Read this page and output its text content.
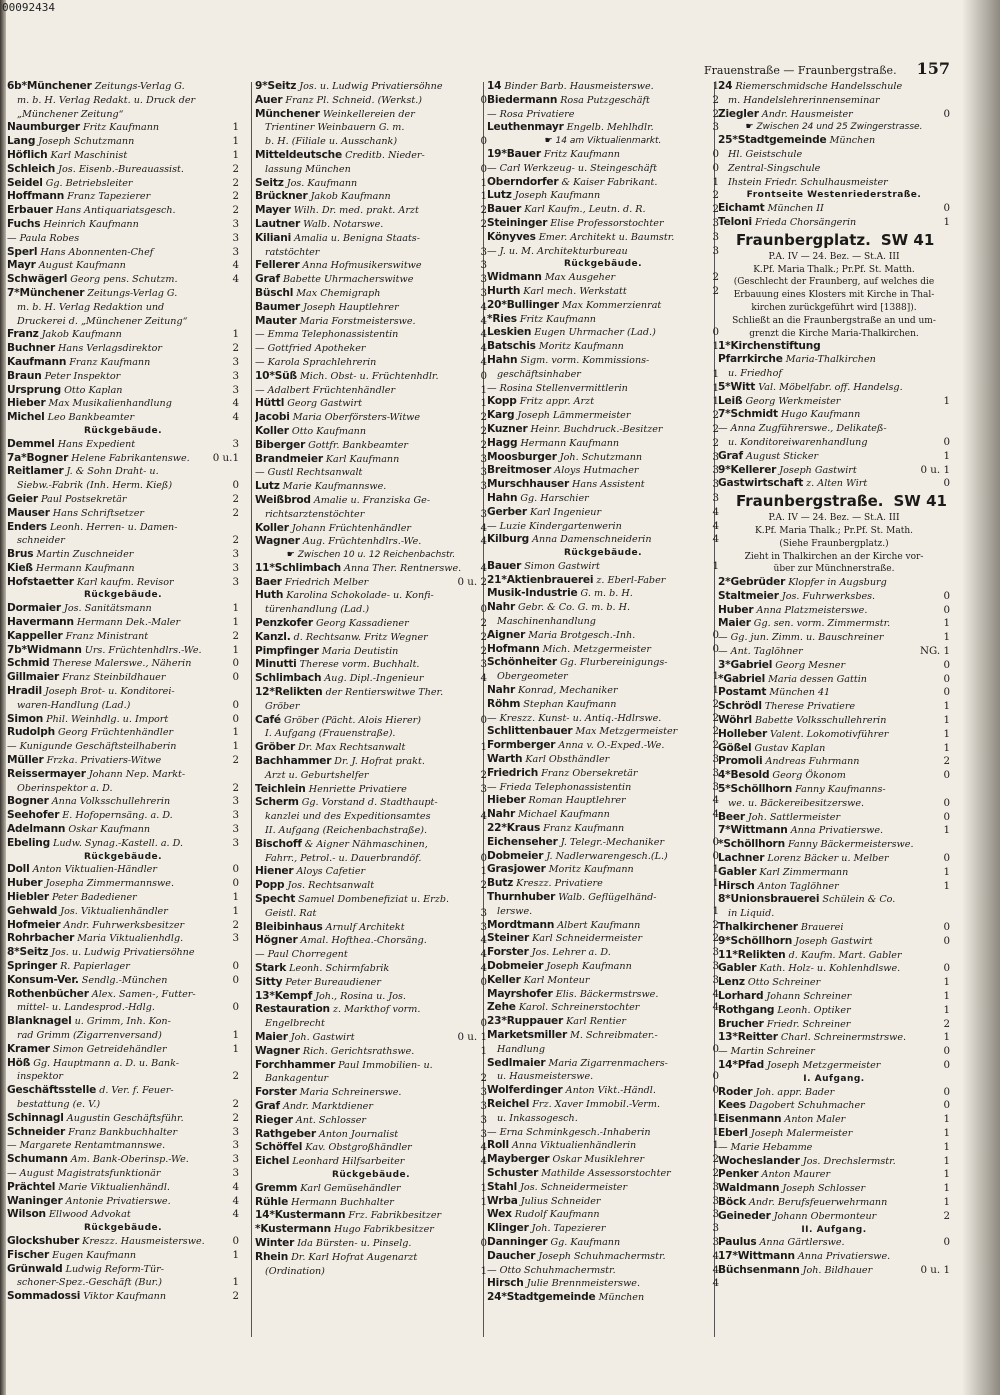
00092434
Frauenstraße — Fraunbergstraße. 157
6b*Münchener Zeitungs-Verlag G.
m. b. H. Verlag Redakt. u. Druck der
„Münchener Zeitung“
1
Naumburger Fritz Kaufmann
1
Lang Joseph Schutzmann
1
Höflich Karl Maschinist
2
Schleich Jos. Eisenb.-Bureauassist.
2
Seidel Gg. Betriebsleiter
2
Hoffmann Franz Tapezierer
2
Erbauer Hans Antiquariatsgesch.
3
Fuchs Heinrich Kaufmann
3
— Paula Robes
3
Sperl Hans Abonnenten-Chef
4
Mayr August Kaufmann
4
Schwägerl Georg pens. Schutzm.
7*Münchener Zeitungs-Verlag G.
m. b. H. Verlag Redaktion und
Druckerei d. „Münchener Zeitung“
1
Franz Jakob Kaufmann
2
Buchner Hans Verlagsdirektor
3
Kaufmann Franz Kaufmann
3
Braun Peter Inspektor
3
Ursprung Otto Kaplan
4
Hieber Max Musikalienhandlung
4
Michel Leo Bankbeamter
Rückgebäude.
3
Demmel Hans Expedient
0 u.1
7a*Bogner Helene Fabrikantenswe.
Reitlamer J. & Sohn Draht- u.
0
Siebw.-Fabrik (Inh. Herm. Kieß)
2
Geier Paul Postsekretär
2
Mauser Hans Schriftsetzer
Enders Leonh. Herren- u. Damen-
2
schneider
3
Brus Martin Zuschneider
3
Kieß Hermann Kaufmann
3
Hofstaetter Karl kaufm. Revisor
Rückgebäude.
1
Dormaier Jos. Sanitätsmann
1
Havermann Hermann Dek.-Maler
2
Kappeller Franz Ministrant
1
7b*Widmann Urs. Früchtenhdlrs.-We.
0
Schmid Therese Malerswe., Näherin
0
Gillmaier Franz Steinbildhauer
Hradil Joseph Brot- u. Konditorei-
0
waren-Handlung (Lad.)
0
Simon Phil. Weinhdlg. u. Import
1
Rudolph Georg Früchtenhändler
1
— Kunigunde Geschäftsteilhaberin
2
Müller Frzka. Privatiers-Witwe
Reissermayer Johann Nep. Markt-
2
Oberinspektor a. D.
3
Bogner Anna Volksschullehrerin
3
Seehofer E. Hofopernsäng. a. D.
3
Adelmann Oskar Kaufmann
3
Ebeling Ludw. Synag.-Kastell. a. D.
Rückgebäude.
0
Doll Anton Viktualien-Händler
0
Huber Josepha Zimmermannswe.
1
Hiebler Peter Badediener
1
Gehwald Jos. Viktualienhändler
2
Hofmeier Andr. Fuhrwerksbesitzer
3
Rohrbacher Maria Viktualienhdlg.
8*Seitz Jos. u. Ludwig Privatiersöhne
0
Springer R. Papierlager
0
Konsum-Ver. Sendlg.-München
Rothenbücher Alex. Samen-, Futter-
0
mittel- u. Landesprod.-Hdlg.
Blanknagel u. Grimm, Inh. Kon-
1
rad Grimm (Zigarrenversand)
1
Kramer Simon Getreidehändler
Höß Gg. Hauptmann a. D. u. Bank-
2
inspektor
Geschäftsstelle d. Ver. f. Feuer-
2
bestattung (e. V.)
2
Schinnagl Augustin Geschäftsführ.
3
Schneider Franz Bankbuchhalter
3
— Margarete Rentamtmannswe.
3
Schumann Am. Bank-Oberinsp.-We.
3
— August Magistratsfunktionär
4
Prächtel Marie Viktualienhändl.
4
Waninger Antonie Privatierswe.
4
Wilson Ellwood Advokat
Rückgebäude.
0
Glockshuber Kreszz. Hausmeisterswe.
1
Fischer Eugen Kaufmann
Grünwald Ludwig Reform-Tür-
1
schoner-Spez.-Geschäft (Bur.)
2
Sommadossi Viktor Kaufmann
9*Seitz Jos. u. Ludwig Privatiersöhne
0
Auer Franz Pl. Schneid. (Werkst.)
Münchener Weinkellereien der
Trientiner Weinbauern G. m.
0
b. H. (Filiale u. Ausschank)
Mitteldeutsche Creditb. Nieder-
0
lassung München
1
Seitz Jos. Kaufmann
1
Brückner Jakob Kaufmann
2
Mayer Wilh. Dr. med. prakt. Arzt
2
Lautner Walb. Notarswe.
Kiliani Amalia u. Benigna Staats-
3
ratstöchter
3
Fellerer Anna Hofmusikerswitwe
3
Graf Babette Uhrmacherswitwe
3
Büschl Max Chemigraph
4
Baumer Joseph Hauptlehrer
4
Mauter Maria Forstmeisterswe.
4
— Emma Telephonassistentin
4
— Gottfried Apotheker
4
— Karola Sprachlehrerin
0
10*Süß Mich. Obst- u. Früchtenhdlr.
1
— Adalbert Früchtenhändler
1
Hüttl Georg Gastwirt
2
Jacobi Maria Oberförsters-Witwe
2
Koller Otto Kaufmann
2
Biberger Gottfr. Bankbeamter
3
Brandmeier Karl Kaufmann
3
— Gustl Rechtsanwalt
3
Lutz Marie Kaufmannswe.
Weißbrod Amalie u. Franziska Ge-
3
richtsarztenstöchter
4
Koller Johann Früchtenhändler
4
Wagner Aug. Früchtenhdlrs.-We.
☛ Zwischen 10 u. 12 Reichenbachstr.
4
11*Schlimbach Anna Ther. Rentnerswe.
0 u. 2
Baer Friedrich Melber
Huth Karolina Schokolade- u. Konfi-
0
türenhandlung (Lad.)
2
Penzkofer Georg Kassadiener
2
Kanzl. d. Rechtsanw. Fritz Wegner
2
Pimpfinger Maria Deutistin
3
Minutti Therese vorm. Buchhalt.
4
Schlimbach Aug. Dipl.-Ingenieur
12*Relikten der Rentierswitwe Ther.
Gröber
0
Café Gröber (Pächt. Alois Hierer)
I. Aufgang (Frauenstraße).
1
Gröber Dr. Max Rechtsanwalt
Bachhammer Dr. J. Hofrat prakt.
2
Arzt u. Geburtshelfer
3
Teichlein Henriette Privatiere
Scherm Gg. Vorstand d. Stadthaupt-
4
kanzlei und des Expeditionsamtes
II. Aufgang (Reichenbachstraße).
Bischoff & Aigner Nähmaschinen,
0
Fahrr., Petrol.- u. Dauerbrandöf.
1
Hiener Aloys Cafetier
2
Popp Jos. Rechtsanwalt
Specht Samuel Dombenefiziat u. Erzb.
3
Geistl. Rat
3
Bleibinhaus Arnulf Architekt
4
Högner Amal. Hofthea.-Chorsäng.
4
— Paul Chorregent
4
Stark Leonh. Schirmfabrik
0
Sitty Peter Bureaudiener
13*Kempf Joh., Rosina u. Jos.
Restauration z. Markthof vorm.
0
Engelbrecht
0 u. 1
Maier Joh. Gastwirt
1
Wagner Rich. Gerichtsrathswe.
Forchhammer Paul Immobilien- u.
2
Bankagentur
3
Forster Maria Schreinerswe.
3
Graf Andr. Marktdiener
3
Rieger Ant. Schlosser
3
Rathgeber Anton Journalist
4
Schöffel Kav. Obstgroßhändler
4
Eichel Leonhard Hilfsarbeiter
Rückgebäude.
1
Gremm Karl Gemüsehändler
1
Rühle Hermann Buchhalter
14*Kustermann Frz. Fabrikbesitzer
*Kustermann Hugo Fabrikbesitzer
0
Winter Ida Bürsten- u. Pinselg.
Rhein Dr. Karl Hofrat Augenarzt
1
(Ordination)
1
14 Binder Barb. Hausmeisterswe.
2
Biedermann Rosa Putzgeschäft
2
— Rosa Privatiere
3
Leuthenmayr Engelb. Mehlhdlr.
☛ 14 am Viktualienmarkt.
0
19*Bauer Fritz Kaufmann
0
— Carl Werkzeug- u. Steingeschäft
1
Oberndorfer & Kaiser Fabrikant.
2
Lutz Joseph Kaufmann
2
Bauer Karl Kaufm., Leutn. d. R.
3
Steininger Elise Professorstochter
3
Könyves Emer. Architekt u. Baumstr.
3
— J. u. M. Architekturbureau
Rückgebäude.
2
Widmann Max Ausgeher
2
Hurth Karl mech. Werkstatt
20*Bullinger Max Kommerzienrat
*Ries Fritz Kaufmann
0
Leskien Eugen Uhrmacher (Lad.)
1
Batschis Moritz Kaufmann
Hahn Sigm. vorm. Kommissions-
1
geschäftsinhaber
1
— Rosina Stellenvermittlerin
1
Kopp Fritz appr. Arzt
2
Karg Joseph Lämmermeister
2
Kuzner Heinr. Buchdruck.-Besitzer
2
Hagg Hermann Kaufmann
3
Moosburger Joh. Schutzmann
3
Breitmoser Aloys Hutmacher
3
Murschhauser Hans Assistent
3
Hahn Gg. Harschier
4
Gerber Karl Ingenieur
4
— Luzie Kindergartenwerin
4
Kilburg Anna Damenschneiderin
Rückgebäude.
1
Bauer Simon Gastwirt
21*Aktienbrauerei z. Eberl-Faber
Musik-Industrie G. m. b. H.
Nahr Gebr. & Co. G. m. b. H.
Maschinenhandlung
0
Aigner Maria Brotgesch.-Inh.
0
Hofmann Mich. Metzgermeister
Schönheiter Gg. Flurbereinigungs-
1
Obergeometer
1
Nahr Konrad, Mechaniker
2
Röhm Stephan Kaufmann
2
— Kreszz. Kunst- u. Antiq.-Hdlrswe.
2
Schlittenbauer Max Metzgermeister
2
Formberger Anna v. O.-Exped.-We.
3
Warth Karl Obsthändler
3
Friedrich Franz Obersekretär
3
— Frieda Telephonassistentin
4
Hieber Roman Hauptlehrer
4
Nahr Michael Kaufmann
22*Kraus Franz Kaufmann
0
Eichenseher J. Telegr.-Mechaniker
0
Dobmeier J. Nadlerwarengesch.(L.)
1
Grasjower Moritz Kaufmann
1
Butz Kreszz. Privatiere
Thurnhuber Walb. Geflügelhänd-
1
lerswe.
2
Mordtmann Albert Kaufmann
2
Steiner Karl Schneidermeister
3
Forster Jos. Lehrer a. D.
3
Dobmeier Joseph Kaufmann
3
Keller Karl Monteur
4
Mayrshofer Elis. Bäckermstrswe.
4
Zehe Karol. Schreinerstochter
23*Ruppauer Karl Rentier
Marketsmiller M. Schreibmater.-
0
Handlung
Sedlmaier Maria Zigarrenmachers-
0
u. Hausmeisterswe.
0
Wolferdinger Anton Vikt.-Händl.
Reichel Frz. Xaver Immobil.-Verm.
1
u. Inkassogesch.
1
— Erna Schminkgesch.-Inhaberin
1
Roll Anna Viktualienhändlerin
2
Mayberger Oskar Musiklehrer
2
Schuster Mathilde Assessorstochter
3
Stahl Jos. Schneidermeister
3
Wrba Julius Schneider
3
Wex Rudolf Kaufmann
3
Klinger Joh. Tapezierer
3
Danninger Gg. Kaufmann
4
Daucher Joseph Schuhmachermstr.
4
— Otto Schuhmachermstr.
4
Hirsch Julie Brennmeisterswe.
24*Stadtgemeinde München
24 Riemerschmidsche Handelsschule
m. Handelslehrerinnenseminar
0
Ziegler Andr. Hausmeister
☛ Zwischen 24 und 25 Zwingerstrasse.
25*Stadtgemeinde München
Hl. Geistschule
Zentral-Singschule
Ihstein Friedr. Schulhausmeister
Frontseite Westenriederstraße.
0
Eichamt München II
1
Teloni Frieda Chorsängerin
Fraunbergplatz. SW 41
P.A. IV — 24. Bez. — St.A. III
K.Pf. Maria Thalk.; Pr.Pf. St. Matth.
(Geschlecht der Fraunberg, auf welches die
Erbauung eines Klosters mit Kirche in Thal-
kirchen zurückgeführt wird [1388]).
Schließt an die Fraunbergstraße an und um-
grenzt die Kirche Maria-Thalkirchen.
1*Kirchenstiftung
Pfarrkirche Maria-Thalkirchen
u. Friedhof
5*Witt Val. Möbelfabr. off. Handelsg.
1
Leiß Georg Werkmeister
7*Schmidt Hugo Kaufmann
— Anna Zugführerswe., Delikateß-
0
u. Konditoreiwarenhandlung
1
Graf August Sticker
0 u. 1
9*Kellerer Joseph Gastwirt
0
Gastwirtschaft z. Alten Wirt
Fraunbergstraße. SW 41
P.A. IV — 24. Bez. — St.A. III
K.Pf. Maria Thalk.; Pr.Pf. St. Math.
(Siehe Fraunbergplatz.)
Zieht in Thalkirchen an der Kirche vor-
über zur Münchnerstraße.
2*Gebrüder Klopfer in Augsburg
0
Staltmeier Jos. Fuhrwerksbes.
0
Huber Anna Platzmeisterswe.
1
Maier Gg. sen. vorm. Zimmermstr.
1
— Gg. jun. Zimm. u. Bauschreiner
NG. 1
— Ant. Taglöhner
0
3*Gabriel Georg Mesner
0
*Gabriel Maria dessen Gattin
0
Postamt München 41
1
Schrödl Therese Privatiere
1
Wöhrl Babette Volksschullehrerin
1
Holleber Valent. Lokomotivführer
1
Gößel Gustav Kaplan
2
Promoli Andreas Fuhrmann
0
4*Besold Georg Ökonom
5*Schöllhorn Fanny Kaufmanns-
0
we. u. Bäckereibesitzerswe.
0
Beer Joh. Sattlermeister
1
7*Wittmann Anna Privatierswe.
*Schöllhorn Fanny Bäckermeisterswe.
0
Lachner Lorenz Bäcker u. Melber
1
Gabler Karl Zimmermann
1
Hirsch Anton Taglöhner
8*Unionsbrauerei Schülein & Co.
in Liquid.
0
Thalkirchener Brauerei
0
9*Schöllhorn Joseph Gastwirt
11*Relikten d. Kaufm. Mart. Gabler
0
Gabler Kath. Holz- u. Kohlenhdlswe.
1
Lenz Otto Schreiner
1
Lorhard Johann Schreiner
1
Rothgang Leonh. Optiker
2
Brucher Friedr. Schreiner
1
13*Reitter Charl. Schreinermstrswe.
0
— Martin Schreiner
0
14*Pfad Joseph Metzgermeister
I. Aufgang.
0
Roder Joh. appr. Bader
0
Kees Dagobert Schuhmacher
1
Eisenmann Anton Maler
1
Eberl Joseph Malermeister
1
— Marie Hebamme
1
Wocheslander Jos. Drechslermstr.
1
Penker Anton Maurer
1
Waldmann Joseph Schlosser
1
Böck Andr. Berufsfeuerwehrmann
2
Geineder Johann Obermonteur
II. Aufgang.
0
Paulus Anna Gärtlerswe.
17*Wittmann Anna Privatierswe.
0 u. 1
Büchsenmann Joh. Bildhauer
